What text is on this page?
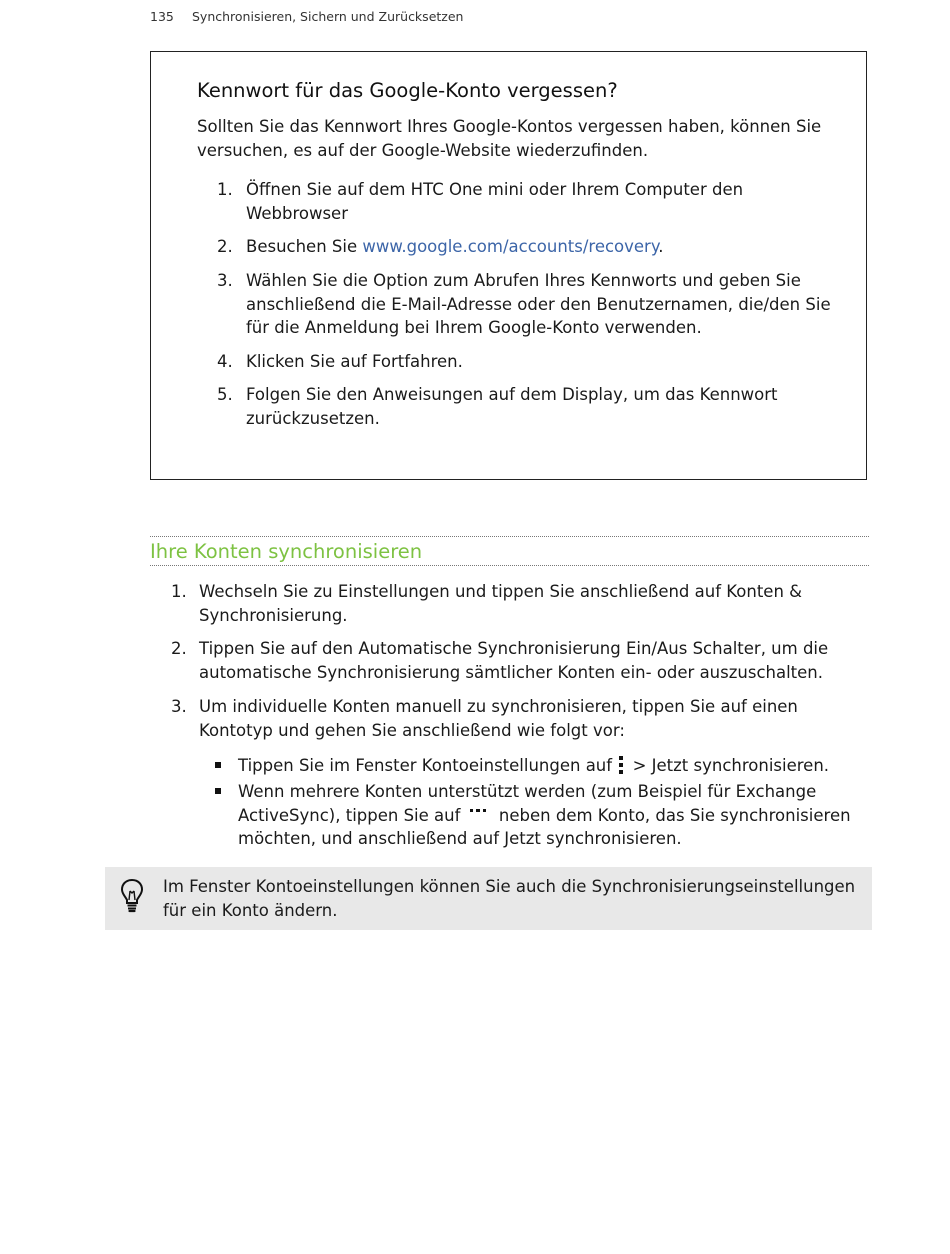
135 Synchronisieren, Sichern und Zurücksetzen
Kennwort für das Google-Konto vergessen?
Sollten Sie das Kennwort Ihres Google-Kontos vergessen haben, können Sie versuchen, es auf der Google-Website wiederzufinden.
1. Öffnen Sie auf dem HTC One mini oder Ihrem Computer den Webbrowser
2. Besuchen Sie www.google.com/accounts/recovery.
3. Wählen Sie die Option zum Abrufen Ihres Kennworts und geben Sie anschließend die E-Mail-Adresse oder den Benutzernamen, die/den Sie für die Anmeldung bei Ihrem Google-Konto verwenden.
4. Klicken Sie auf Fortfahren.
5. Folgen Sie den Anweisungen auf dem Display, um das Kennwort zurückzusetzen.
Ihre Konten synchronisieren
1. Wechseln Sie zu Einstellungen und tippen Sie anschließend auf Konten & Synchronisierung.
2. Tippen Sie auf den Automatische Synchronisierung Ein/Aus Schalter, um die automatische Synchronisierung sämtlicher Konten ein- oder auszuschalten.
3. Um individuelle Konten manuell zu synchronisieren, tippen Sie auf einen Kontotyp und gehen Sie anschließend wie folgt vor:
Tippen Sie im Fenster Kontoeinstellungen auf
> Jetzt synchronisieren.
Wenn mehrere Konten unterstützt werden (zum Beispiel für Exchange ActiveSync), tippen Sie auf
neben dem Konto, das Sie synchronisieren möchten, und anschließend auf Jetzt synchronisieren.
Im Fenster Kontoeinstellungen können Sie auch die Synchronisierungseinstellungen für ein Konto ändern.
